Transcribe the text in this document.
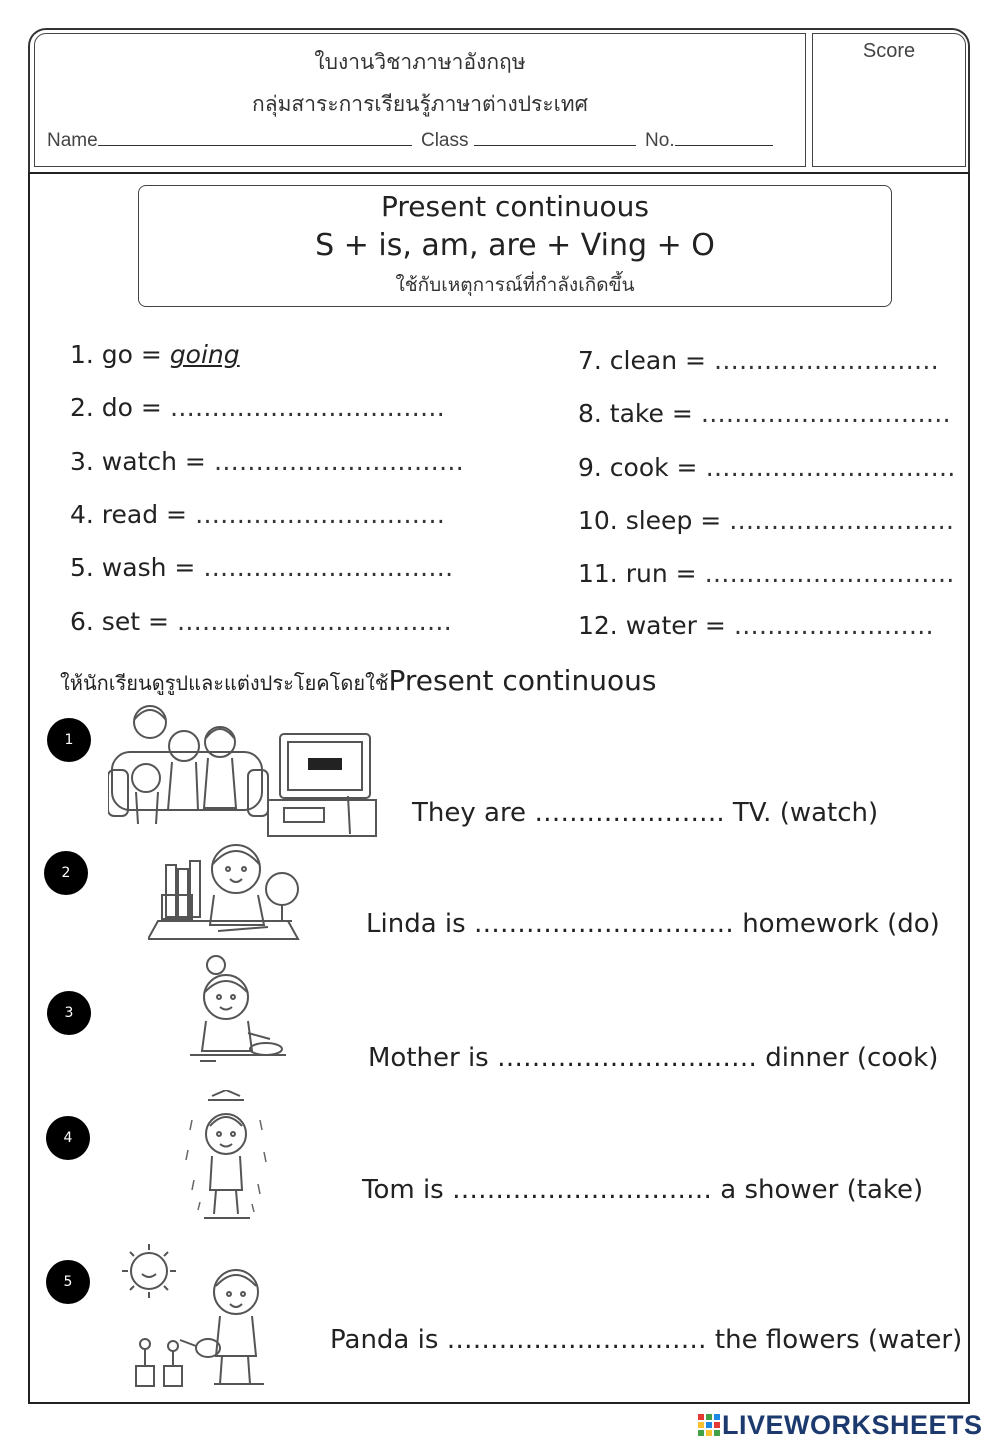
ใบงานวิชาภาษาอังกฤษ
กลุ่มสาระการเรียนรู้ภาษาต่างประเทศ
Name	Class	No.
Score
Present continuous
S + is, am, are + Ving + O
ใช้กับเหตุการณ์ที่กำลังเกิดขึ้น
1. go = going
2. do = ……………………………
3. watch = …………………………
4. read = …………………………
5. wash = …………………………
6. set = ……………………………
7. clean = ………………………
8. take = …………………………
9. cook = …………………………
10. sleep = ………………………
11. run = …………………………
12. water = ……………………
ให้นักเรียนดูรูปและแต่งประโยคโดยใช้Present continuous
1
They are …………………. TV. (watch)
2
Linda is ………………………… homework (do)
3
Mother is ………………………… dinner (cook)
4
Tom is ………………………… a shower (take)
5
Panda is ………………………… the flowers (water)
LIVEWORKSHEETS
